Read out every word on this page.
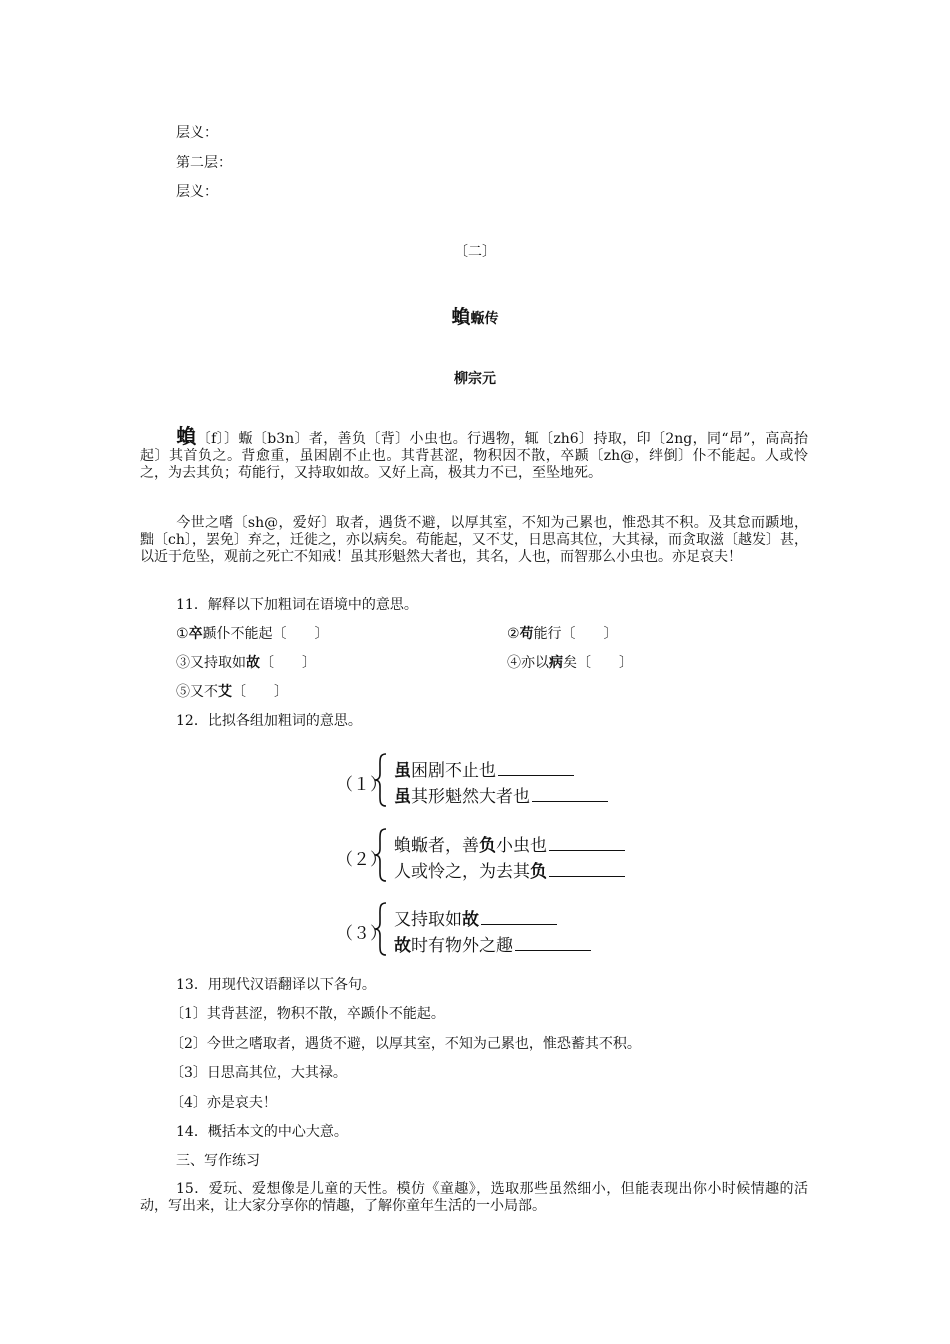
层义：
第二层：
层义：
〔二〕
蝜蝂传
柳宗元
蝜〔f〕〕蝂〔b3n〕者，善负〔背〕小虫也。行遇物，辄〔zh6〕持取，印〔2ng，同“昂”，高高抬起〕其首负之。背愈重，虽困剧不止也。其背甚涩，物积因不散，卒踬〔zh@，绊倒〕仆不能起。人或怜之，为去其负；苟能行，又持取如故。又好上高，极其力不已，至坠地死。
今世之嗜〔sh@，爱好〕取者，遇货不避，以厚其室，不知为己累也，惟恐其不积。及其怠而踬地，黜〔ch〕，罢免〕弃之，迁徙之，亦以病矣。苟能起，又不艾，日思高其位，大其禄，而贪取滋〔越发〕甚，以近于危坠，观前之死亡不知戒！虽其形魁然大者也，其名，人也，而智那么小虫也。亦足哀夫！
11．解释以下加粗词在语境中的意思。
①卒踬仆不能起〔　　〕	②苟能行〔　　〕
③又持取如故〔　　〕	④亦以病矣〔　　〕
⑤又不艾〔　　〕
12．比拟各组加粗词的意思。
（１）
虽困剧不止也
虽其形魁然大者也
（２）
蝜蝂者，善负小虫也
人或怜之，为去其负
（３）
又持取如故
故时有物外之趣
13．用现代汉语翻译以下各句。
〔1〕其背甚涩，物积不散，卒踬仆不能起。
〔2〕今世之嗜取者，遇货不避，以厚其室，不知为己累也，惟恐蓄其不积。
〔3〕日思高其位，大其禄。
〔4〕亦是哀夫！
14．概括本文的中心大意。
三、写作练习
15．爱玩、爱想像是儿童的天性。模仿《童趣》，选取那些虽然细小，但能表现出你小时候情趣的活动，写出来，让大家分享你的情趣，了解你童年生活的一小局部。
